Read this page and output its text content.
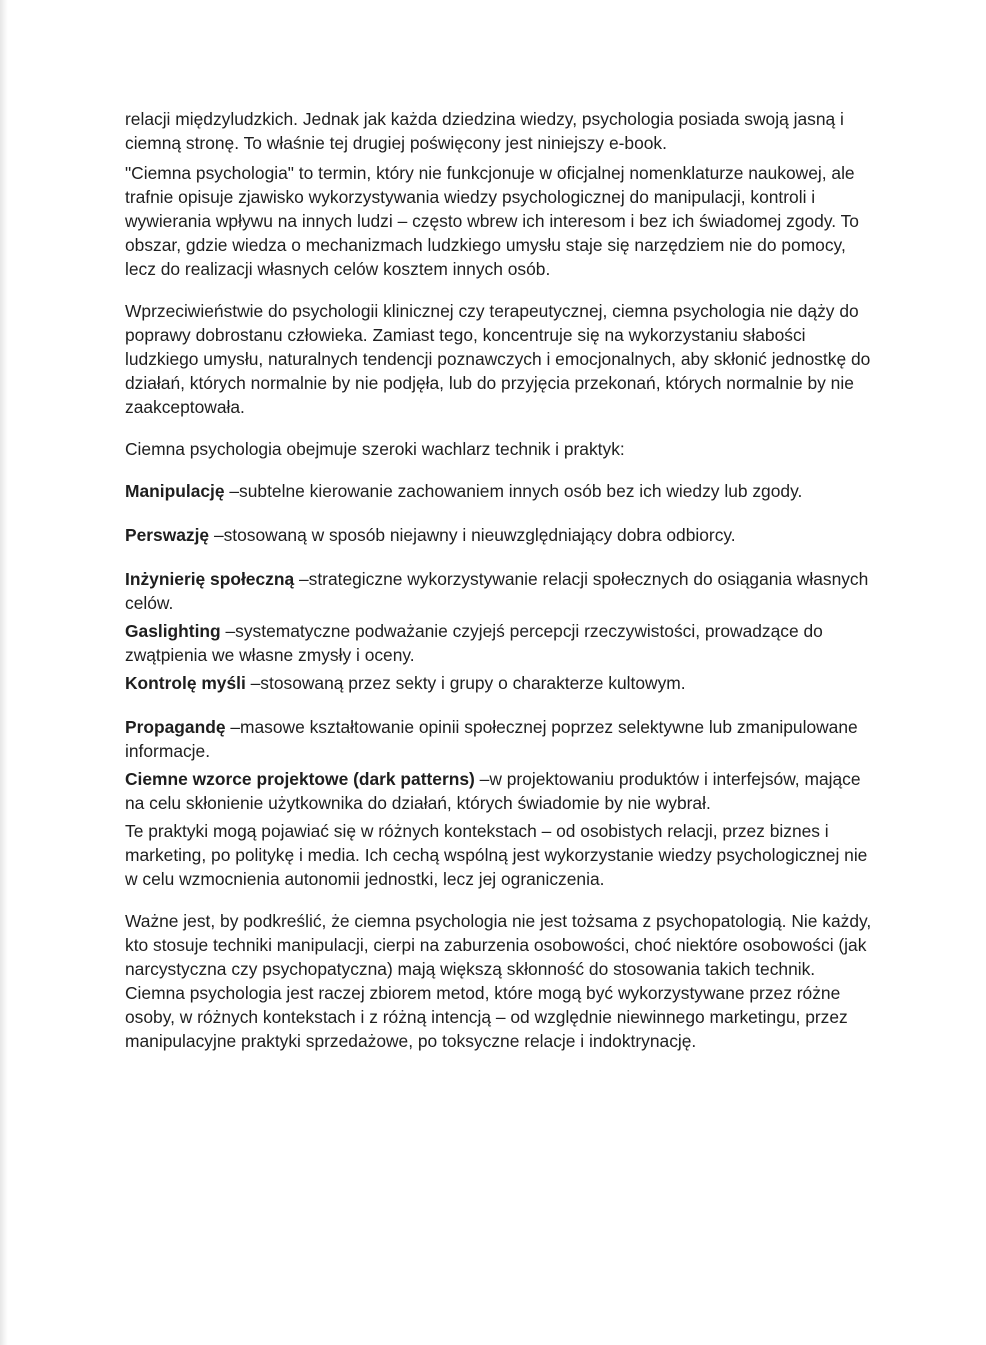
relacji międzyludzkich. Jednak jak każda dziedzina wiedzy, psychologia posiada swoją jasną i ciemną stronę. To właśnie tej drugiej poświęcony jest niniejszy e-book.

"Ciemna psychologia" to termin, który nie funkcjonuje w oficjalnej nomenklaturze naukowej, ale trafnie opisuje zjawisko wykorzystywania wiedzy psychologicznej do manipulacji, kontroli i wywierania wpływu na innych ludzi – często wbrew ich interesom i bez ich świadomej zgody. To obszar, gdzie wiedza o mechanizmach ludzkiego umysłu staje się narzędziem nie do pomocy, lecz do realizacji własnych celów kosztem innych osób.

Wprzeciwieństwie do psychologii klinicznej czy terapeutycznej, ciemna psychologia nie dąży do poprawy dobrostanu człowieka. Zamiast tego, koncentruje się na wykorzystaniu słabości ludzkiego umysłu, naturalnych tendencji poznawczych i emocjonalnych, aby skłonić jednostkę do działań, których normalnie by nie podjęła, lub do przyjęcia przekonań, których normalnie by nie zaakceptowała.

Ciemna psychologia obejmuje szeroki wachlarz technik i praktyk:

Manipulację –subtelne kierowanie zachowaniem innych osób bez ich wiedzy lub zgody.

Perswazję –stosowaną w sposób niejawny i nieuwzględniający dobra odbiorcy.

Inżynierię społeczną –strategiczne wykorzystywanie relacji społecznych do osiągania własnych celów.

Gaslighting –systematyczne podważanie czyjejś percepcji rzeczywistości, prowadzące do zwątpienia we własne zmysły i oceny.

Kontrolę myśli –stosowaną przez sekty i grupy o charakterze kultowym.

Propagandę –masowe kształtowanie opinii społecznej poprzez selektywne lub zmanipulowane informacje.

Ciemne wzorce projektowe (dark patterns) –w projektowaniu produktów i interfejsów, mające na celu skłonienie użytkownika do działań, których świadomie by nie wybrał.

Te praktyki mogą pojawiać się w różnych kontekstach – od osobistych relacji, przez biznes i marketing, po politykę i media. Ich cechą wspólną jest wykorzystanie wiedzy psychologicznej nie w celu wzmocnienia autonomii jednostki, lecz jej ograniczenia.

Ważne jest, by podkreślić, że ciemna psychologia nie jest tożsama z psychopatologią. Nie każdy, kto stosuje techniki manipulacji, cierpi na zaburzenia osobowości, choć niektóre osobowości (jak narcystyczna czy psychopatyczna) mają większą skłonność do stosowania takich technik. Ciemna psychologia jest raczej zbiorem metod, które mogą być wykorzystywane przez różne osoby, w różnych kontekstach i z różną intencją – od względnie niewinnego marketingu, przez manipulacyjne praktyki sprzedażowe, po toksyczne relacje i indoktrynację.
